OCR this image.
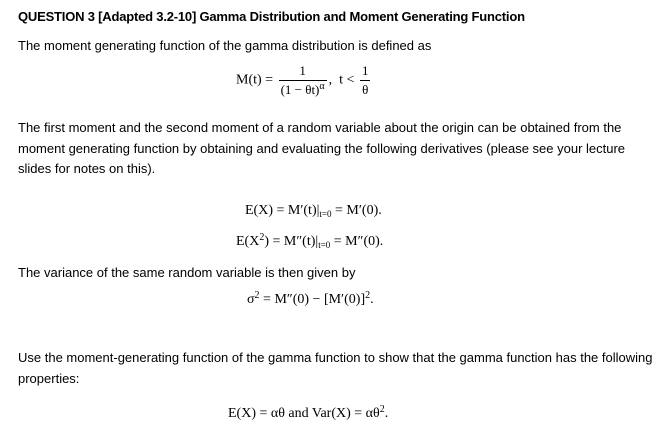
QUESTION 3 [Adapted 3.2-10] Gamma Distribution and Moment Generating Function
The moment generating function of the gamma distribution is defined as
$M(t) = \frac{1}{(1 - \theta t)^\alpha}$ , $t < \frac{1}{\theta}$
The first moment and the second moment of a random variable about the origin can be obtained from the moment generating function by obtaining and evaluating the following derivatives (please see your lecture slides for notes on this).
$E(X) = M'(t)|_{t=0} = M'(0)$.
$E(X^2) = M''(t)|_{t=0} = M''(0)$.
The variance of the same random variable is then given by
$\sigma^2 = M''(0) - [M'(0)]^2$.
Use the moment-generating function of the gamma function to show that the gamma function has the following properties:
E(X) = αθ and $Var(X) = \alpha\theta^2$.
